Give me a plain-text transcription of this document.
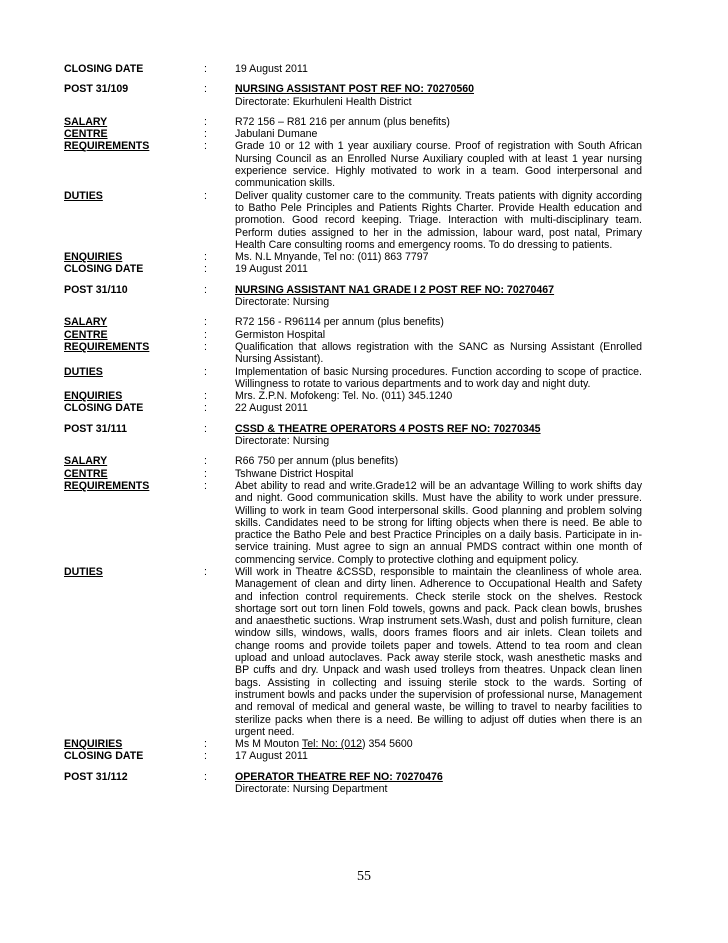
CLOSING DATE	:	19 August 2011
POST 31/109	:	NURSING ASSISTANT POST REF NO: 70270560
Directorate: Ekurhuleni Health District
SALARY	:	R72 156 – R81 216 per annum (plus benefits)
CENTRE	:	Jabulani Dumane
REQUIREMENTS	:	Grade 10 or 12 with 1 year auxiliary course. Proof of registration with South African Nursing Council as an Enrolled Nurse Auxiliary coupled with at least 1 year nursing experience service. Highly motivated to work in a team. Good interpersonal and communication skills.
DUTIES	:	Deliver quality customer care to the community. Treats patients with dignity according to Batho Pele Principles and Patients Rights Charter. Provide Health education and promotion. Good record keeping. Triage. Interaction with multi-disciplinary team. Perform duties assigned to her in the admission, labour ward, post natal, Primary Health Care consulting rooms and emergency rooms. To do dressing to patients.
ENQUIRIES	:	Ms. N.L Mnyande, Tel no: (011) 863 7797
CLOSING DATE	:	19 August 2011
POST 31/110	:	NURSING ASSISTANT NA1 GRADE I 2 POST REF NO: 70270467
Directorate: Nursing
SALARY	:	R72 156 - R96114 per annum (plus benefits)
CENTRE	:	Germiston Hospital
REQUIREMENTS	:	Qualification that allows registration with the SANC as Nursing Assistant (Enrolled Nursing Assistant).
DUTIES	:	Implementation of basic Nursing procedures. Function according to scope of practice. Willingness to rotate to various departments and to work day and night duty.
ENQUIRIES	:	Mrs. Z.P.N. Mofokeng: Tel. No. (011) 345.1240
CLOSING DATE	:	22 August 2011
POST 31/111	:	CSSD & THEATRE OPERATORS 4 POSTS REF NO: 70270345
Directorate: Nursing
SALARY	:	R66 750 per annum (plus benefits)
CENTRE	:	Tshwane District Hospital
REQUIREMENTS	:	Abet ability to read and write.Grade12 will be an advantage Willing to work shifts day and night. Good communication skills. Must have the ability to work under pressure. Willing to work in team Good interpersonal skills. Good planning and problem solving skills. Candidates need to be strong for lifting objects when there is need. Be able to practice the Batho Pele and best Practice Principles on a daily basis. Participate in in-service training. Must agree to sign an annual PMDS contract within one month of commencing service. Comply to protective clothing and equipment policy.
DUTIES	:	Will work in Theatre &CSSD, responsible to maintain the cleanliness of whole area. Management of clean and dirty linen. Adherence to Occupational Health and Safety and infection control requirements. Check sterile stock on the shelves. Restock shortage sort out torn linen Fold towels, gowns and pack. Pack clean bowls, brushes and anaesthetic suctions. Wrap instrument sets.Wash, dust and polish furniture, clean window sills, windows, walls, doors frames floors and air inlets. Clean toilets and change rooms and provide toilets paper and towels. Attend to tea room and clean upload and unload autoclaves. Pack away sterile stock, wash anesthetic masks and BP cuffs and dry. Unpack and wash used trolleys from theatres. Unpack clean linen bags. Assisting in collecting and issuing sterile stock to the wards. Sorting of instrument bowls and packs under the supervision of professional nurse, Management and removal of medical and general waste, be willing to travel to nearby facilities to sterilize packs when there is a need. Be willing to adjust off duties when there is an urgent need.
ENQUIRIES	:	Ms M Mouton Tel: No: (012) 354 5600
CLOSING DATE	:	17 August 2011
POST 31/112	:	OPERATOR THEATRE REF NO: 70270476
Directorate: Nursing Department
55
